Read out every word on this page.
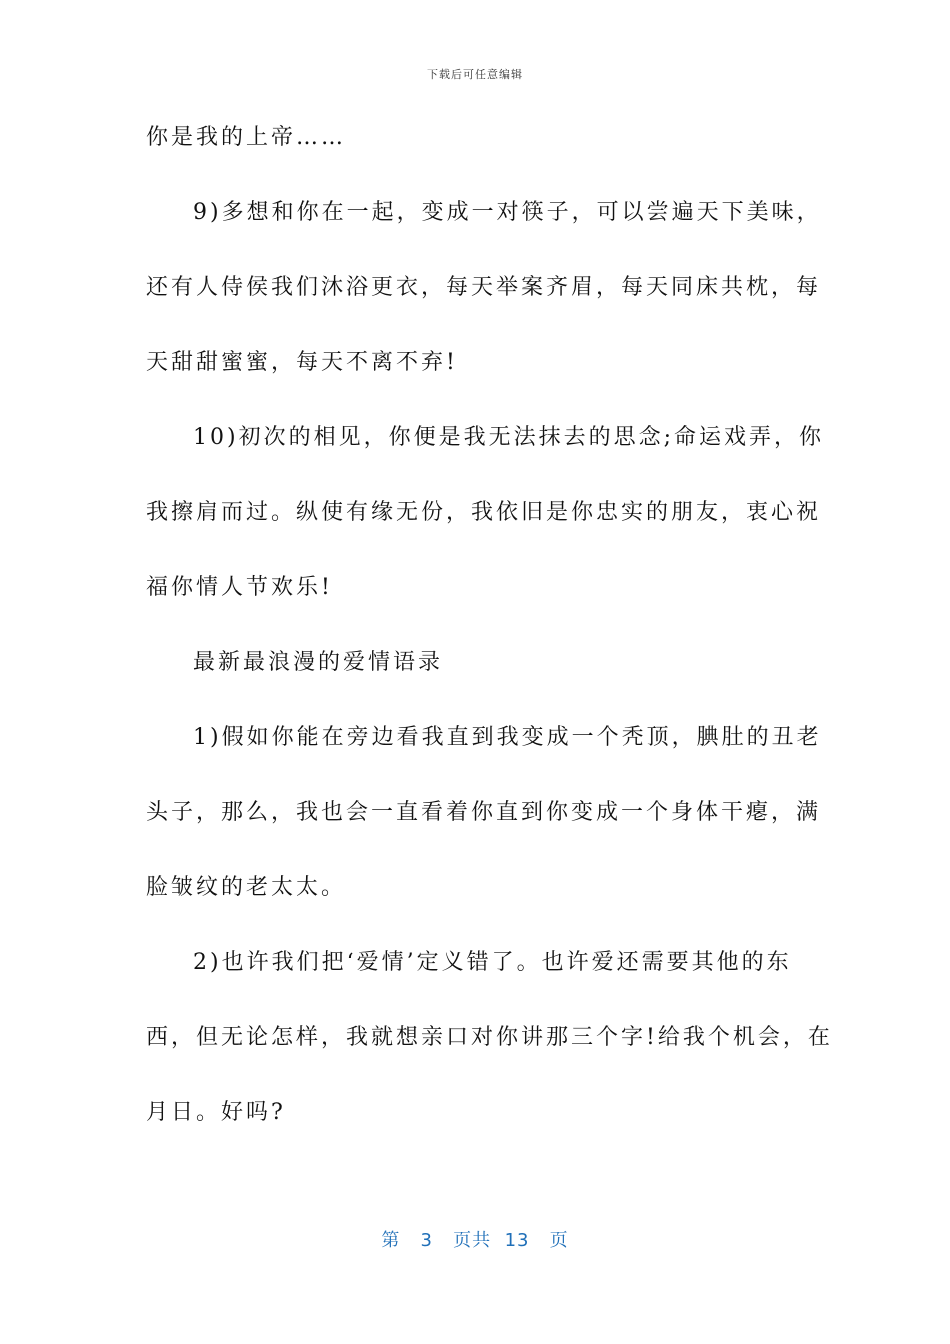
下载后可任意编辑
你是我的上帝……
9)多想和你在一起，变成一对筷子，可以尝遍天下美味，
还有人侍侯我们沐浴更衣，每天举案齐眉，每天同床共枕，每
天甜甜蜜蜜，每天不离不弃!
10)初次的相见，你便是我无法抹去的思念;命运戏弄，你
我擦肩而过。纵使有缘无份，我依旧是你忠实的朋友，衷心祝
福你情人节欢乐!
最新最浪漫的爱情语录
1)假如你能在旁边看我直到我变成一个秃顶，腆肚的丑老
头子，那么，我也会一直看着你直到你变成一个身体干瘪，满
脸皱纹的老太太。
2)也许我们把‘爱情’定义错了。也许爱还需要其他的东
西，但无论怎样，我就想亲口对你讲那三个字!给我个机会，在
月日。好吗?
第 3 页共 13 页
